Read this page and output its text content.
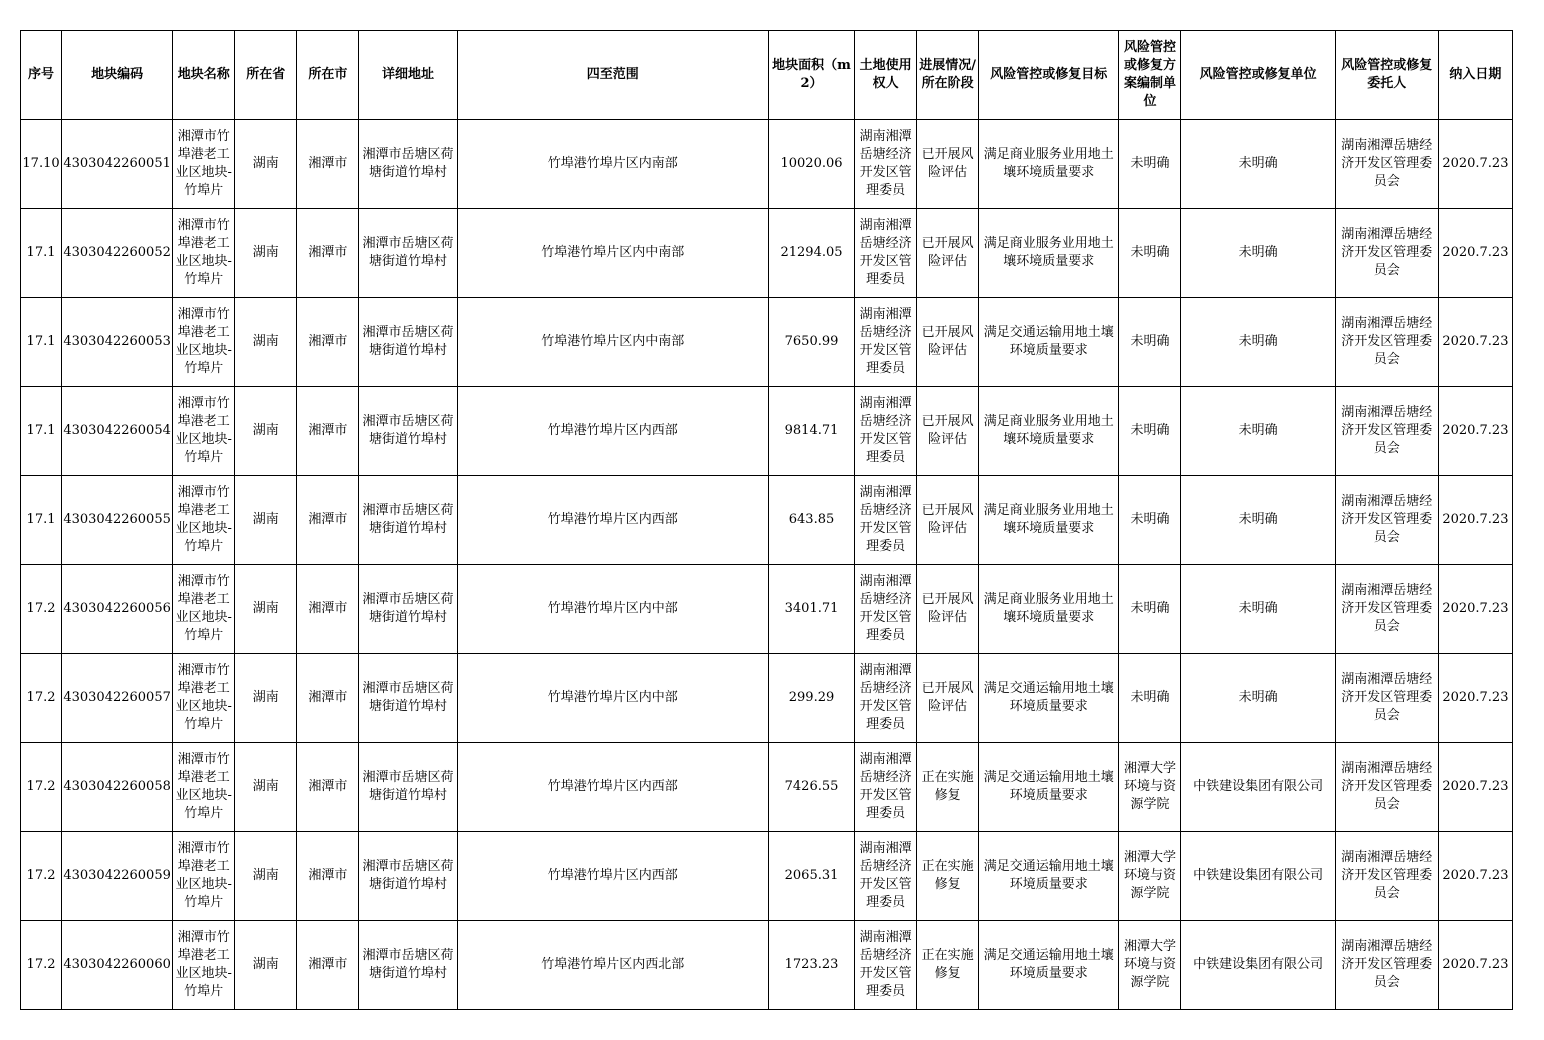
序号	地块编码	地块名称	所在省	所在市	详细地址	四至范围	地块面积（m2）	土地使用权人	进展情况/所在阶段	风险管控或修复目标	风险管控或修复方案编制单位	风险管控或修复单位	风险管控或修复委托人	纳入日期

17.10	4303042260051	湘潭市竹埠港老工业区地块-竹埠片	湖南	湘潭市	湘潭市岳塘区荷塘街道竹埠村	竹埠港竹埠片区内南部	10020.06	湖南湘潭岳塘经济开发区管理委员	已开展风险评估	满足商业服务业用地土壤环境质量要求	未明确	未明确	湖南湘潭岳塘经济开发区管理委员会	2020.7.23

17.1	4303042260052	湘潭市竹埠港老工业区地块-竹埠片	湖南	湘潭市	湘潭市岳塘区荷塘街道竹埠村	竹埠港竹埠片区内中南部	21294.05	湖南湘潭岳塘经济开发区管理委员	已开展风险评估	满足商业服务业用地土壤环境质量要求	未明确	未明确	湖南湘潭岳塘经济开发区管理委员会	2020.7.23

17.1	4303042260053	湘潭市竹埠港老工业区地块-竹埠片	湖南	湘潭市	湘潭市岳塘区荷塘街道竹埠村	竹埠港竹埠片区内中南部	7650.99	湖南湘潭岳塘经济开发区管理委员	已开展风险评估	满足交通运输用地土壤环境质量要求	未明确	未明确	湖南湘潭岳塘经济开发区管理委员会	2020.7.23

17.1	4303042260054	湘潭市竹埠港老工业区地块-竹埠片	湖南	湘潭市	湘潭市岳塘区荷塘街道竹埠村	竹埠港竹埠片区内西部	9814.71	湖南湘潭岳塘经济开发区管理委员	已开展风险评估	满足商业服务业用地土壤环境质量要求	未明确	未明确	湖南湘潭岳塘经济开发区管理委员会	2020.7.23

17.1	4303042260055	湘潭市竹埠港老工业区地块-竹埠片	湖南	湘潭市	湘潭市岳塘区荷塘街道竹埠村	竹埠港竹埠片区内西部	643.85	湖南湘潭岳塘经济开发区管理委员	已开展风险评估	满足商业服务业用地土壤环境质量要求	未明确	未明确	湖南湘潭岳塘经济开发区管理委员会	2020.7.23

17.2	4303042260056	湘潭市竹埠港老工业区地块-竹埠片	湖南	湘潭市	湘潭市岳塘区荷塘街道竹埠村	竹埠港竹埠片区内中部	3401.71	湖南湘潭岳塘经济开发区管理委员	已开展风险评估	满足商业服务业用地土壤环境质量要求	未明确	未明确	湖南湘潭岳塘经济开发区管理委员会	2020.7.23

17.2	4303042260057	湘潭市竹埠港老工业区地块-竹埠片	湖南	湘潭市	湘潭市岳塘区荷塘街道竹埠村	竹埠港竹埠片区内中部	299.29	湖南湘潭岳塘经济开发区管理委员	已开展风险评估	满足交通运输用地土壤环境质量要求	未明确	未明确	湖南湘潭岳塘经济开发区管理委员会	2020.7.23

17.2	4303042260058	湘潭市竹埠港老工业区地块-竹埠片	湖南	湘潭市	湘潭市岳塘区荷塘街道竹埠村	竹埠港竹埠片区内西部	7426.55	湖南湘潭岳塘经济开发区管理委员	正在实施修复	满足交通运输用地土壤环境质量要求	湘潭大学环境与资源学院	中铁建设集团有限公司	湖南湘潭岳塘经济开发区管理委员会	2020.7.23

17.2	4303042260059	湘潭市竹埠港老工业区地块-竹埠片	湖南	湘潭市	湘潭市岳塘区荷塘街道竹埠村	竹埠港竹埠片区内西部	2065.31	湖南湘潭岳塘经济开发区管理委员	正在实施修复	满足交通运输用地土壤环境质量要求	湘潭大学环境与资源学院	中铁建设集团有限公司	湖南湘潭岳塘经济开发区管理委员会	2020.7.23

17.2	4303042260060	湘潭市竹埠港老工业区地块-竹埠片	湖南	湘潭市	湘潭市岳塘区荷塘街道竹埠村	竹埠港竹埠片区内西北部	1723.23	湖南湘潭岳塘经济开发区管理委员	正在实施修复	满足交通运输用地土壤环境质量要求	湘潭大学环境与资源学院	中铁建设集团有限公司	湖南湘潭岳塘经济开发区管理委员会	2020.7.23
